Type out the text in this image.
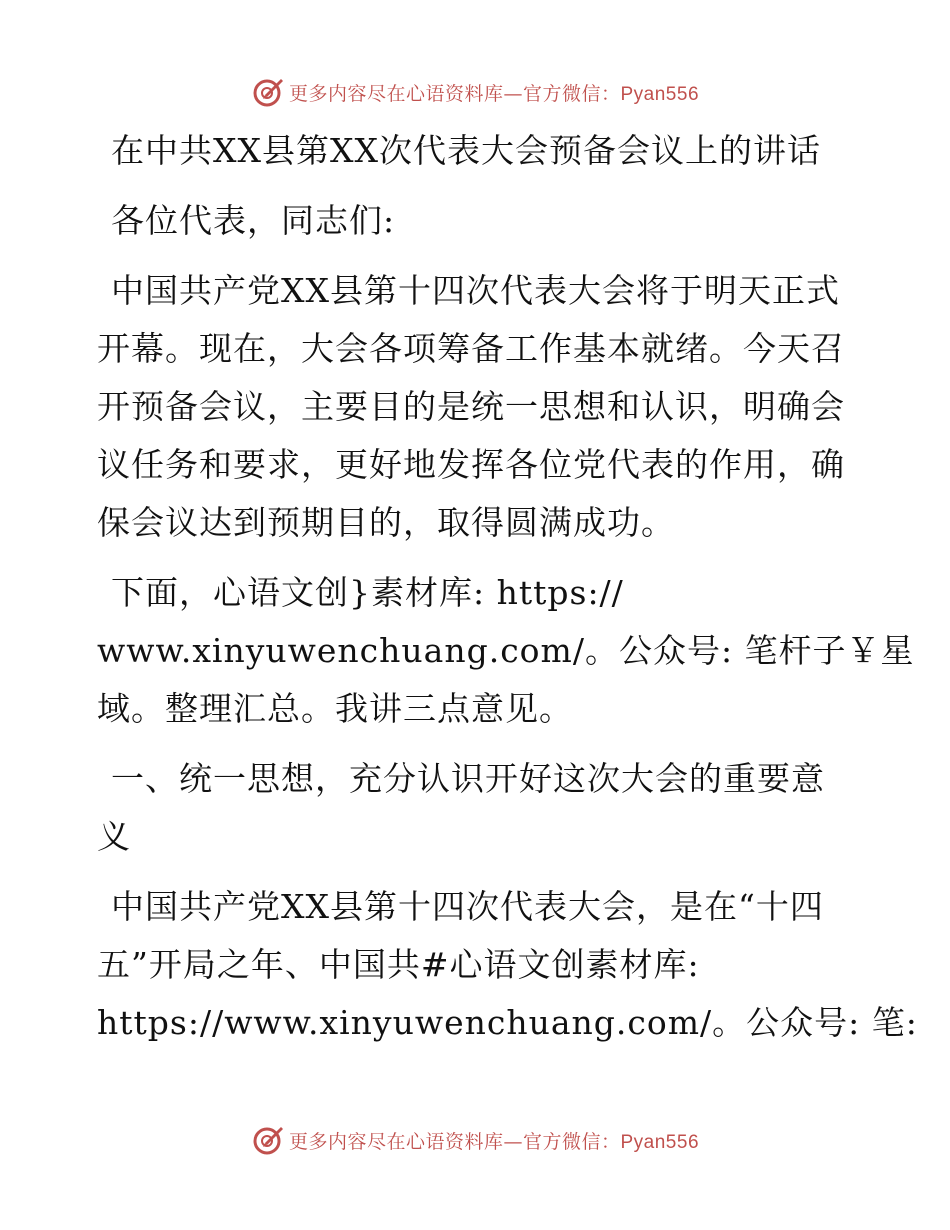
更多内容尽在心语资料库—官方微信：Pyan556
在中共XX县第XX次代表大会预备会议上的讲话
各位代表，同志们:
中国共产党XX县第十四次代表大会将于明天正式
开幕。现在，大会各项筹备工作基本就绪。今天召
开预备会议，主要目的是统一思想和认识，明确会
议任务和要求，更好地发挥各位党代表的作用，确
保会议达到预期目的，取得圆满成功。
下面，心语文创}素材库: https://
www.xinyuwenchuang.com/。公众号: 笔杆子￥星
域。整理汇总。我讲三点意见。
一、统一思想，充分认识开好这次大会的重要意
义
中国共产党XX县第十四次代表大会，是在“十四
五”开局之年、中国共#心语文创素材库:
https://www.xinyuwenchuang.com/。公众号: 笔:
更多内容尽在心语资料库—官方微信：Pyan556
